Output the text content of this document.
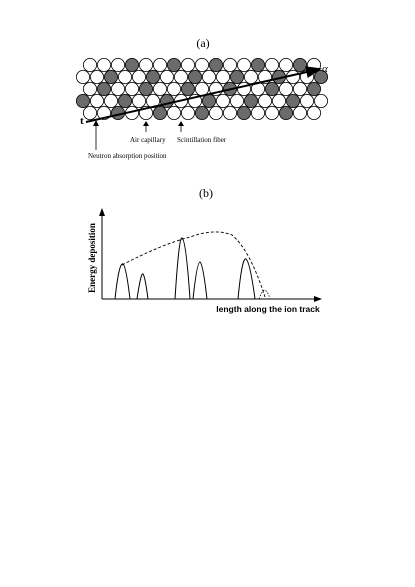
(a)
t
α
Air capillary Scintillation fiber
Neutron absorption position
(b)
Energy deposition
length along the ion track
